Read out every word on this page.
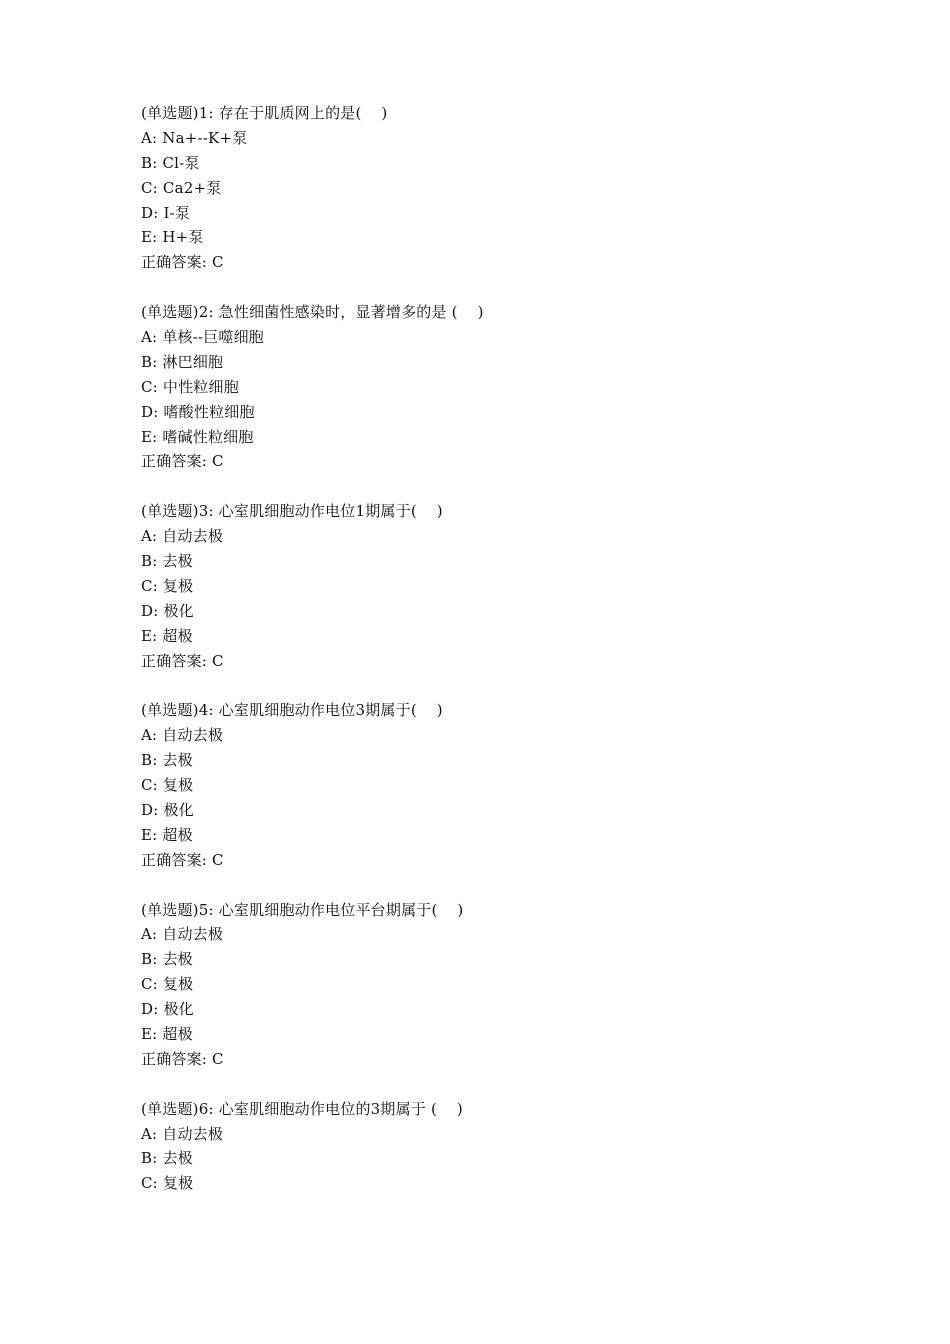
(单选题)1: 存在于肌质网上的是(    )
A: Na+--K+泵
B: Cl-泵
C: Ca2+泵
D: I-泵
E: H+泵
正确答案: C
(单选题)2: 急性细菌性感染时，显著增多的是 (    )
A: 单核--巨噬细胞
B: 淋巴细胞
C: 中性粒细胞
D: 嗜酸性粒细胞
E: 嗜碱性粒细胞
正确答案: C
(单选题)3: 心室肌细胞动作电位1期属于(    )
A: 自动去极
B: 去极
C: 复极
D: 极化
E: 超极
正确答案: C
(单选题)4: 心室肌细胞动作电位3期属于(    )
A: 自动去极
B: 去极
C: 复极
D: 极化
E: 超极
正确答案: C
(单选题)5: 心室肌细胞动作电位平台期属于(    )
A: 自动去极
B: 去极
C: 复极
D: 极化
E: 超极
正确答案: C
(单选题)6: 心室肌细胞动作电位的3期属于 (    )
A: 自动去极
B: 去极
C: 复极
